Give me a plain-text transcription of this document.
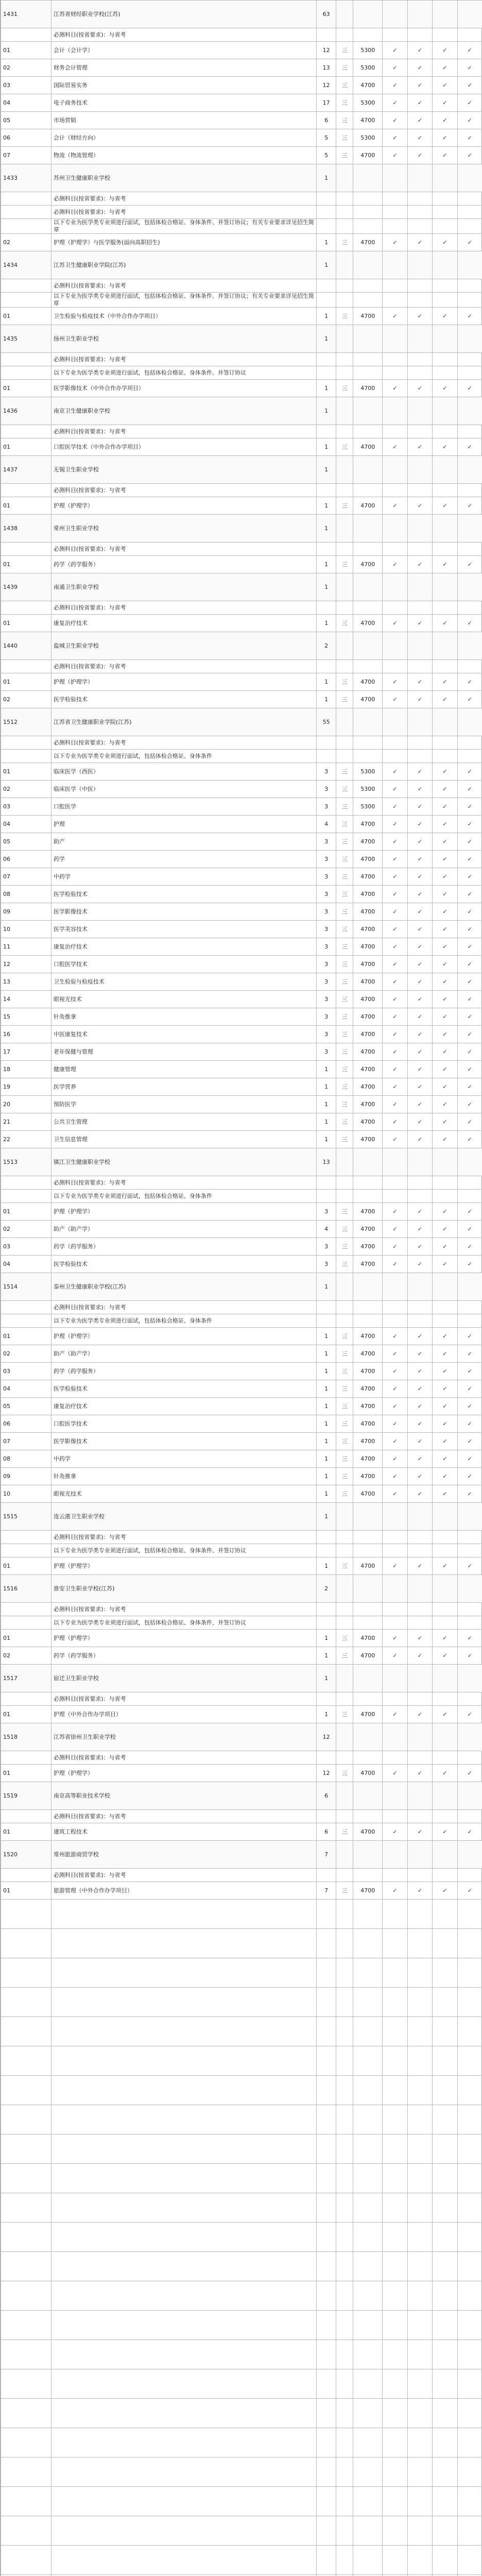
1431	江苏省财经职业学校(江苏)	63						
	必测科目(按省要求)：与省考							
01	会计（会计学）	12	三	5300	✓	✓	✓	✓
02	财务会计管理	13	三	5300	✓	✓	✓	✓
03	国际贸易实务	12	三	4700	✓	✓	✓	✓
04	电子商务技术	17	三	5300	✓	✓	✓	✓
05	市场营销	6	三	4700	✓	✓	✓	✓
06	会计（财经方向）	5	三	5300	✓	✓	✓	✓
07	物流（物流管理）	5	三	4700	✓	✓	✓	✓
1433	苏州卫生健康职业学校	1						
	必测科目(按省要求)：与省考							
	必测科目(按省要求)：与省考							
	以下专业为医学类专业须进行面试，包括体检合格证、身体条件、并签订协议；有关专业要求详见招生简章							
02	护理（护理学）与医学服务(面向高职招生)	1	三	4700	✓	✓	✓	✓
1434	江苏卫生健康职业学院(江苏)	1						
	必测科目(按省要求)：与省考							
	以下专业为医学类专业须进行面试，包括体检合格证、身体条件、并签订协议；有关专业要求详见招生简章							
01	卫生检验与检疫技术（中外合作办学项目）	1	三	4700	✓	✓	✓	✓
1435	扬州卫生职业学校	1						
	必测科目(按省要求)：与省考							
	以下专业为医学类专业须进行面试，包括体检合格证、身体条件、并签订协议							
01	医学影像技术（中外合作办学项目）	1	三	4700	✓	✓	✓	✓
1436	南京卫生健康职业学校	1						
	必测科目(按省要求)：与省考							
01	口腔医学技术（中外合作办学项目）	1	三	4700	✓	✓	✓	✓
1437	无锡卫生职业学校	1						
	必测科目(按省要求)：与省考							
01	护理（护理学）	1	三	4700	✓	✓	✓	✓
1438	常州卫生职业学校	1						
	必测科目(按省要求)：与省考							
01	药学（药学服务）	1	三	4700	✓	✓	✓	✓
1439	南通卫生职业学校	1						
	必测科目(按省要求)：与省考							
01	康复治疗技术	1	三	4700	✓	✓	✓	✓
1440	盐城卫生职业学校	2						
	必测科目(按省要求)：与省考							
01	护理（护理学）	1	三	4700	✓	✓	✓	✓
02	医学检验技术	1	三	4700	✓	✓	✓	✓
1512	江苏省卫生健康职业学院(江苏)	55						
	必测科目(按省要求)：与省考							
	以下专业为医学类专业须进行面试，包括体检合格证、身体条件							
01	临床医学（西医）	3	三	5300	✓	✓	✓	✓
02	临床医学（中医）	3	三	5300	✓	✓	✓	✓
03	口腔医学	3	三	5300	✓	✓	✓	✓
04	护理	4	三	4700	✓	✓	✓	✓
05	助产	3	三	4700	✓	✓	✓	✓
06	药学	3	三	4700	✓	✓	✓	✓
07	中药学	3	三	4700	✓	✓	✓	✓
08	医学检验技术	3	三	4700	✓	✓	✓	✓
09	医学影像技术	3	三	4700	✓	✓	✓	✓
10	医学美容技术	3	三	4700	✓	✓	✓	✓
11	康复治疗技术	3	三	4700	✓	✓	✓	✓
12	口腔医学技术	3	三	4700	✓	✓	✓	✓
13	卫生检验与检疫技术	3	三	4700	✓	✓	✓	✓
14	眼视光技术	3	三	4700	✓	✓	✓	✓
15	针灸推拿	3	三	4700	✓	✓	✓	✓
16	中医康复技术	3	三	4700	✓	✓	✓	✓
17	老年保健与管理	3	三	4700	✓	✓	✓	✓
18	健康管理	1	三	4700	✓	✓	✓	✓
19	医学营养	1	三	4700	✓	✓	✓	✓
20	预防医学	1	三	4700	✓	✓	✓	✓
21	公共卫生管理	1	三	4700	✓	✓	✓	✓
22	卫生信息管理	1	三	4700	✓	✓	✓	✓
1513	镇江卫生健康职业学校	13						
	必测科目(按省要求)：与省考							
	以下专业为医学类专业须进行面试，包括体检合格证、身体条件							
01	护理（护理学）	3	三	4700	✓	✓	✓	✓
02	助产（助产学）	4	三	4700	✓	✓	✓	✓
03	药学（药学服务）	3	三	4700	✓	✓	✓	✓
04	医学检验技术	3	三	4700	✓	✓	✓	✓
1514	泰州卫生健康职业学校(江苏)	1						
	必测科目(按省要求)：与省考							
	以下专业为医学类专业须进行面试，包括体检合格证、身体条件							
01	护理（护理学）	1	三	4700	✓	✓	✓	✓
02	助产（助产学）	1	三	4700	✓	✓	✓	✓
03	药学（药学服务）	1	三	4700	✓	✓	✓	✓
04	医学检验技术	1	三	4700	✓	✓	✓	✓
05	康复治疗技术	1	三	4700	✓	✓	✓	✓
06	口腔医学技术	1	三	4700	✓	✓	✓	✓
07	医学影像技术	1	三	4700	✓	✓	✓	✓
08	中药学	1	三	4700	✓	✓	✓	✓
09	针灸推拿	1	三	4700	✓	✓	✓	✓
10	眼视光技术	1	三	4700	✓	✓	✓	✓
1515	连云港卫生职业学校	1						
	必测科目(按省要求)：与省考							
	以下专业为医学类专业须进行面试，包括体检合格证、身体条件、并签订协议							
01	护理（护理学）	1	三	4700	✓	✓	✓	✓
1516	淮安卫生职业学校(江苏)	2						
	必测科目(按省要求)：与省考							
	以下专业为医学类专业须进行面试，包括体检合格证、身体条件、并签订协议							
01	护理（护理学）	1	三	4700	✓	✓	✓	✓
02	药学（药学服务）	1	三	4700	✓	✓	✓	✓
1517	宿迁卫生职业学校	1						
	必测科目(按省要求)：与省考							
01	护理（中外合作办学项目）	1	三	4700	✓	✓	✓	✓
1518	江苏省徐州卫生职业学校	12						
	必测科目(按省要求)：与省考							
01	护理（护理学）	12	三	4700	✓	✓	✓	✓
1519	南京高等职业技术学校	6						
	必测科目(按省要求)：与省考							
01	建筑工程技术	6	三	4700	✓	✓	✓	✓
1520	常州旅游商贸学校	7						
	必测科目(按省要求)：与省考							
01	旅游管理（中外合作办学项目）	7	三	4700	✓	✓	✓	✓
